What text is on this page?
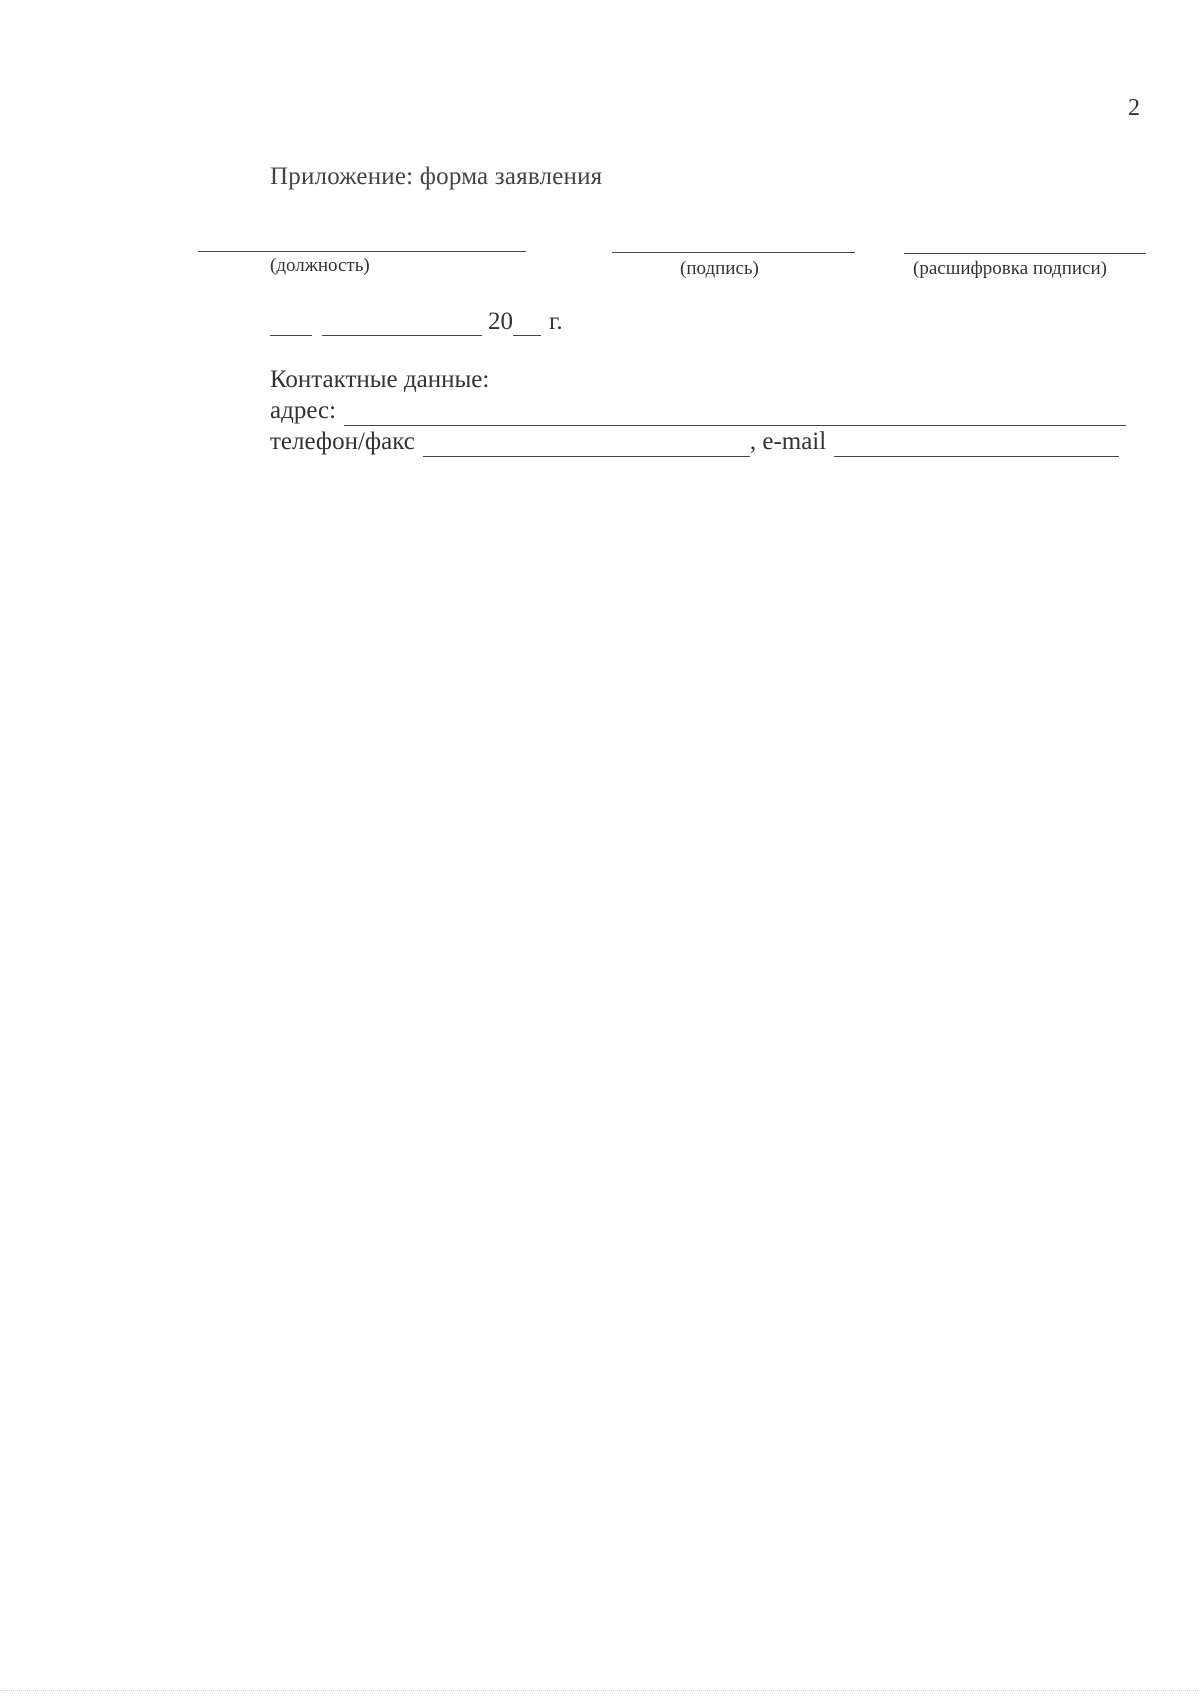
2
Приложение: форма заявления
(должность)	(подпись)	(расшифровка подписи)
20 г.
Контактные данные:
адрес:
телефон/факс	, e-mail
